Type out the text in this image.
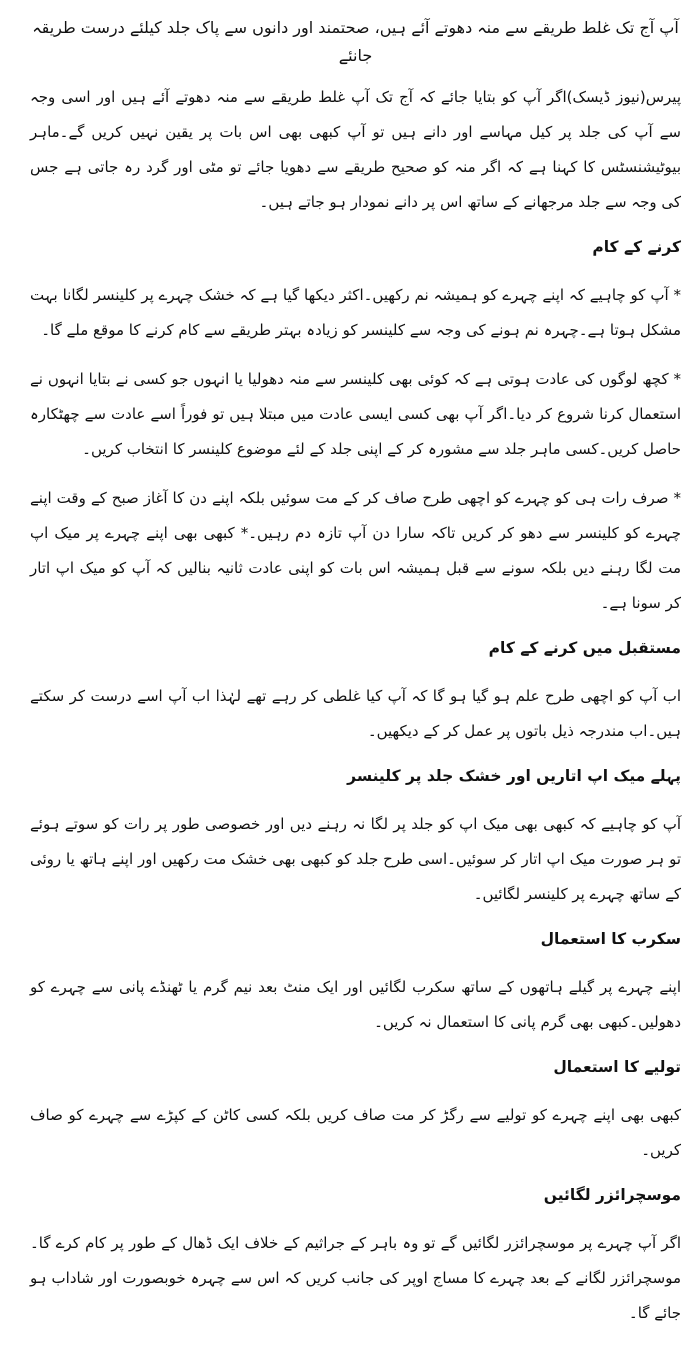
آپ آج تک غلط طریقے سے منہ دھوتے آئے ہیں، صحتمند اور دانوں سے پاک جلد کیلئے درست طریقہ جانئے

پیرس(نیوز ڈیسک)اگر آپ کو بتایا جائے کہ آج تک آپ غلط طریقے سے منہ دھوتے آئے ہیں اور اسی وجہ سے آپ کی جلد پر کیل مہاسے اور دانے ہیں تو آپ کبھی بھی اس بات پر یقین نہیں کریں گے۔ماہر بیوٹیشنسٹس کا کہنا ہے کہ اگر منہ کو صحیح طریقے سے دھویا جائے تو مٹی اور گرد رہ جاتی ہے جس کی وجہ سے جلد مرجھانے کے ساتھ اس پر دانے نمودار ہو جاتے ہیں۔

کرنے کے کام

* آپ کو چاہیے کہ اپنے چہرے کو ہمیشہ نم رکھیں۔اکثر دیکھا گیا ہے کہ خشک چہرے پر کلینسر لگانا بہت مشکل ہوتا ہے۔چہرہ نم ہونے کی وجہ سے کلینسر کو زیادہ بہتر طریقے سے کام کرنے کا موقع ملے گا۔

* کچھ لوگوں کی عادت ہوتی ہے کہ کوئی بھی کلینسر سے منہ دھولیا یا انہوں جو کسی نے بتایا انہوں نے استعمال کرنا شروع کر دیا۔اگر آپ بھی کسی ایسی عادت میں مبتلا ہیں تو فوراً اسے عادت سے چھٹکارہ حاصل کریں۔کسی ماہر جلد سے مشورہ کر کے اپنی جلد کے لئے موضوع کلینسر کا انتخاب کریں۔

* صرف رات ہی کو چہرے کو اچھی طرح صاف کر کے مت سوئیں بلکہ اپنے دن کا آغاز صبح کے وقت اپنے چہرے کو کلینسر سے دھو کر کریں تاکہ سارا دن آپ تازہ دم رہیں۔* کبھی بھی اپنے چہرے پر میک اپ مت لگا رہنے دیں بلکہ سونے سے قبل ہمیشہ اس بات کو اپنی عادت ثانیہ بنالیں کہ آپ کو میک اپ اتار کر سونا ہے۔

مستقبل میں کرنے کے کام

اب آپ کو اچھی طرح علم ہو گیا ہو گا کہ آپ کیا غلطی کر رہے تھے لہٰذا اب آپ اسے درست کر سکتے ہیں۔اب مندرجہ ذیل باتوں پر عمل کر کے دیکھیں۔

پہلے میک اپ اتاریں اور خشک جلد پر کلینسر

آپ کو چاہیے کہ کبھی بھی میک اپ کو جلد پر لگا نہ رہنے دیں اور خصوصی طور پر رات کو سوتے ہوئے تو ہر صورت میک اپ اتار کر سوئیں۔اسی طرح جلد کو کبھی بھی خشک مت رکھیں اور اپنے ہاتھ یا روئی کے ساتھ چہرے پر کلینسر لگائیں۔

سکرب کا استعمال

اپنے چہرے پر گیلے ہاتھوں کے ساتھ سکرب لگائیں اور ایک منٹ بعد نیم گرم یا ٹھنڈے پانی سے چہرے کو دھولیں۔کبھی بھی گرم پانی کا استعمال نہ کریں۔

تولیے کا استعمال

کبھی بھی اپنے چہرے کو تولیے سے رگڑ کر مت صاف کریں بلکہ کسی کاٹن کے کپڑے سے چہرے کو صاف کریں۔

موسچرائزر لگائیں

اگر آپ چہرے پر موسچرائزر لگائیں گے تو وہ باہر کے جراثیم کے خلاف ایک ڈھال کے طور پر کام کرے گا۔موسچرائزر لگانے کے بعد چہرے کا مساج اوپر کی جانب کریں کہ اس سے چہرہ خوبصورت اور شاداب ہو جائے گا۔
